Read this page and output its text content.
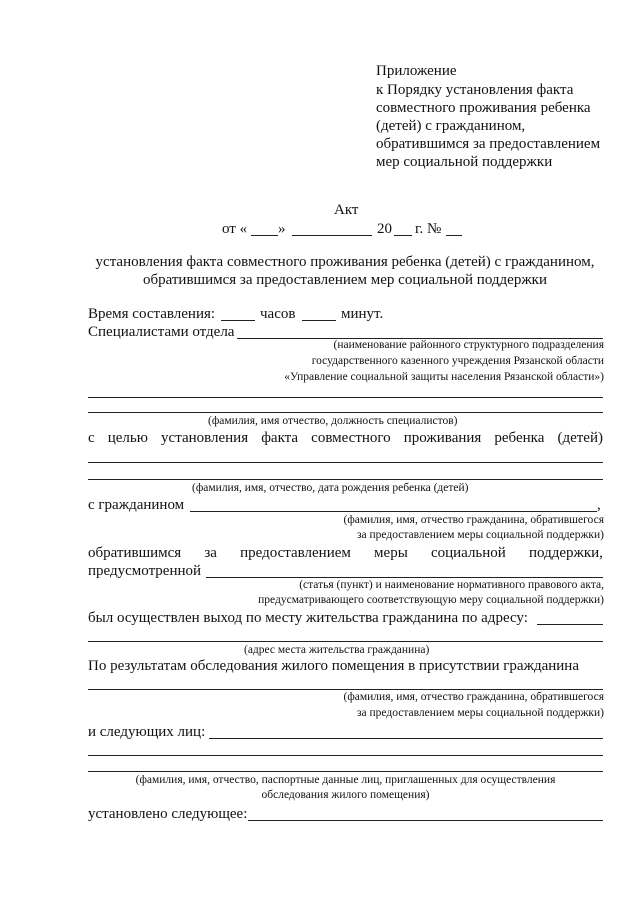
Приложение
к Порядку установления факта
совместного проживания ребенка
(детей) с гражданином,
обратившимся за предоставлением
мер социальной поддержки
Акт
от « »	20 г. №
установления факта совместного проживания ребенка (детей) с гражданином,
обратившимся за предоставлением мер социальной поддержки
Время составления:	часов	минут.
Специалистами отдела
(наименование районного структурного подразделения
государственного казенного учреждения Рязанской области
«Управление социальной защиты населения Рязанской области»)
(фамилия, имя отчество, должность специалистов)
с целью установления факта совместного проживания ребенка (детей)
(фамилия, имя, отчество, дата рождения ребенка (детей)
с гражданином	,
(фамилия, имя, отчество гражданина, обратившегося
за предоставлением меры социальной поддержки)
обратившимся за предоставлением меры социальной поддержки,
предусмотренной
(статья (пункт) и наименование нормативного правового акта,
предусматривающего соответствующую меру социальной поддержки)
был осуществлен выход по месту жительства гражданина по адресу:
(адрес места жительства гражданина)
По результатам обследования жилого помещения в присутствии гражданина
(фамилия, имя, отчество гражданина, обратившегося
за предоставлением меры социальной поддержки)
и следующих лиц:
(фамилия, имя, отчество, паспортные данные лиц, приглашенных для осуществления
обследования жилого помещения)
установлено следующее:
